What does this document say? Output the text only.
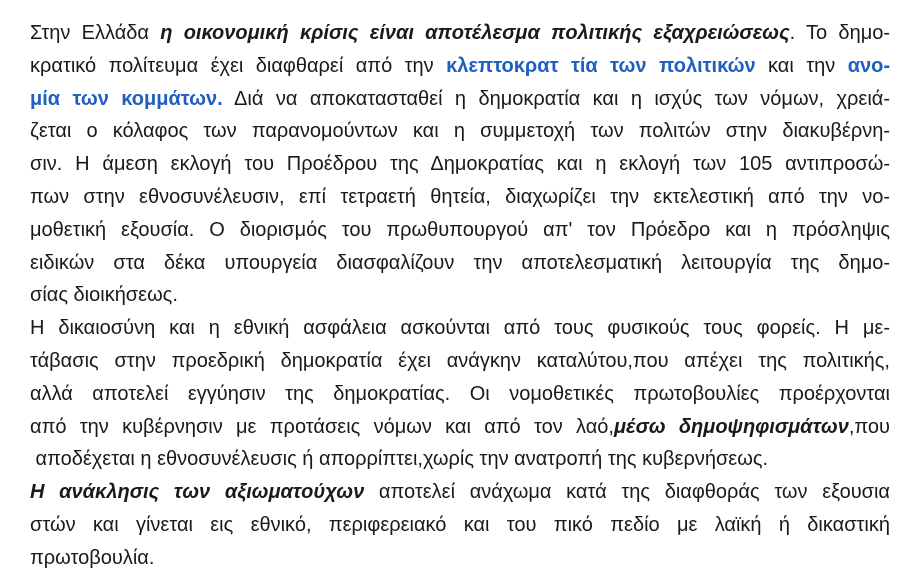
Στην Ελλάδα η οικονομική κρίσις είναι αποτέλεσμα πολιτικής εξαχρειώσεως. Το δημο-
κρατικό πολίτευμα έχει διαφθαρεί από την κλεπτοκρατ τία των πολιτικών και την ανο-
μία των κομμάτων. Διά να αποκατασταθεί η δημοκρατία και η ισχύς των νόμων, χρειά-
ζεται ο κόλαφος των παρανομούντων και η συμμετοχή των πολιτών στην διακυβέρνη-
σιν. Η άμεση εκλογή του Προέδρου της Δημοκρατίας και η εκλογή των 105 αντιπροσώ-
πων στην εθνοσυνέλευσιν, επί τετραετή θητεία, διαχωρίζει την εκτελεστική από την νο-
μοθετική εξουσία. Ο διορισμός του πρωθυπουργού απ' τον Πρόεδρο και η πρόσληψις
ειδικών στα δέκα υπουργεία διασφαλίζουν την αποτελεσματική λειτουργία της δημο-
σίας διοικήσεως.
Η δικαιοσύνη και η εθνική ασφάλεια ασκούνται από τους φυσικούς τους φορείς. Η με-
τάβασις στην προεδρική δημοκρατία έχει ανάγκην καταλύτου,που απέχει της πολιτικής,
αλλά αποτελεί εγγύησιν της δημοκρατίας. Οι νομοθετικές πρωτοβουλίες προέρχονται
από την κυβέρνησιν με προτάσεις νόμων και από τον λαό,μέσω δημοψηφισμάτων,που
αποδέχεται η εθνοσυνέλευσις ή απορρίπτει,χωρίς την ανατροπή της κυβερνήσεως.
Η ανάκλησις των αξιωματούχων αποτελεί ανάχωμα κατά της διαφθοράς των εξουσια
στών και γίνεται εις εθνικό, περιφερειακό και του πικό πεδίο με λαϊκή ή δικαστική
πρωτοβουλία.
